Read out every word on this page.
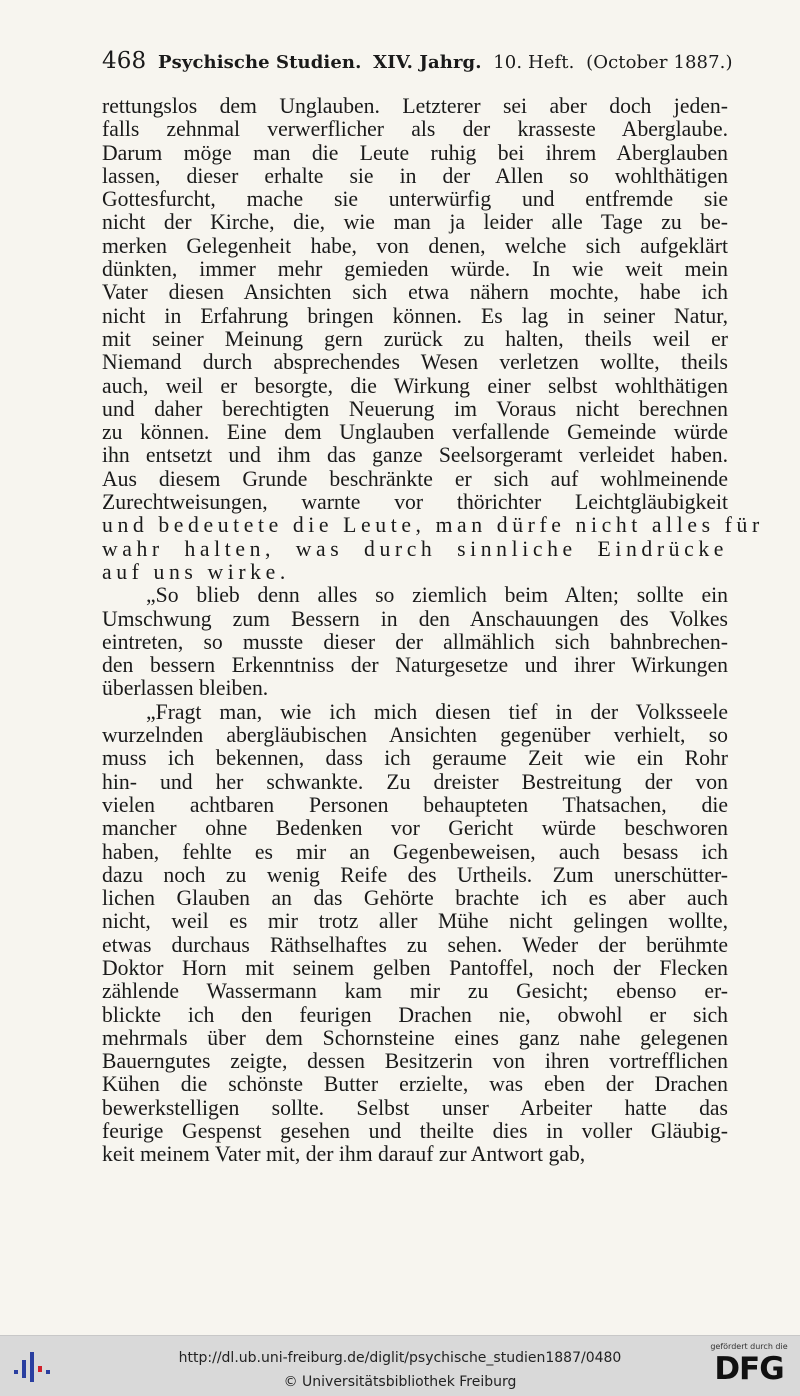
468 Psychische Studien. XIV. Jahrg. 10. Heft. (October 1887.)
rettungslos dem Unglauben. Letzterer sei aber doch jeden-
falls zehnmal verwerflicher als der krasseste Aberglaube.
Darum möge man die Leute ruhig bei ihrem Aberglauben
lassen, dieser erhalte sie in der Allen so wohlthätigen
Gottesfurcht, mache sie unterwürfig und entfremde sie
nicht der Kirche, die, wie man ja leider alle Tage zu be-
merken Gelegenheit habe, von denen, welche sich aufgeklärt
dünkten, immer mehr gemieden würde. In wie weit mein
Vater diesen Ansichten sich etwa nähern mochte, habe ich
nicht in Erfahrung bringen können. Es lag in seiner Natur,
mit seiner Meinung gern zurück zu halten, theils weil er
Niemand durch absprechendes Wesen verletzen wollte, theils
auch, weil er besorgte, die Wirkung einer selbst wohlthätigen
und daher berechtigten Neuerung im Voraus nicht berechnen
zu können. Eine dem Unglauben verfallende Gemeinde würde
ihn entsetzt und ihm das ganze Seelsorgeramt verleidet haben.
Aus diesem Grunde beschränkte er sich auf wohlmeinende
Zurechtweisungen, warnte vor thörichter Leichtgläubigkeit
und bedeutete die Leute, man dürfe nicht alles für
wahr halten, was durch sinnliche Eindrücke
auf uns wirke.
„So blieb denn alles so ziemlich beim Alten; sollte ein
Umschwung zum Bessern in den Anschauungen des Volkes
eintreten, so musste dieser der allmählich sich bahnbrechen-
den bessern Erkenntniss der Naturgesetze und ihrer Wirkungen
überlassen bleiben.
„Fragt man, wie ich mich diesen tief in der Volksseele
wurzelnden abergläubischen Ansichten gegenüber verhielt, so
muss ich bekennen, dass ich geraume Zeit wie ein Rohr
hin- und her schwankte. Zu dreister Bestreitung der von
vielen achtbaren Personen behaupteten Thatsachen, die
mancher ohne Bedenken vor Gericht würde beschworen
haben, fehlte es mir an Gegenbeweisen, auch besass ich
dazu noch zu wenig Reife des Urtheils. Zum unerschütter-
lichen Glauben an das Gehörte brachte ich es aber auch
nicht, weil es mir trotz aller Mühe nicht gelingen wollte,
etwas durchaus Räthselhaftes zu sehen. Weder der berühmte
Doktor Horn mit seinem gelben Pantoffel, noch der Flecken
zählende Wassermann kam mir zu Gesicht; ebenso er-
blickte ich den feurigen Drachen nie, obwohl er sich
mehrmals über dem Schornsteine eines ganz nahe gelegenen
Bauerngutes zeigte, dessen Besitzerin von ihren vortrefflichen
Kühen die schönste Butter erzielte, was eben der Drachen
bewerkstelligen sollte. Selbst unser Arbeiter hatte das
feurige Gespenst gesehen und theilte dies in voller Gläubig-
keit meinem Vater mit, der ihm darauf zur Antwort gab,
http://dl.ub.uni-freiburg.de/diglit/psychische_studien1887/0480
© Universitätsbibliothek Freiburg
gefördert durch die
DFG
